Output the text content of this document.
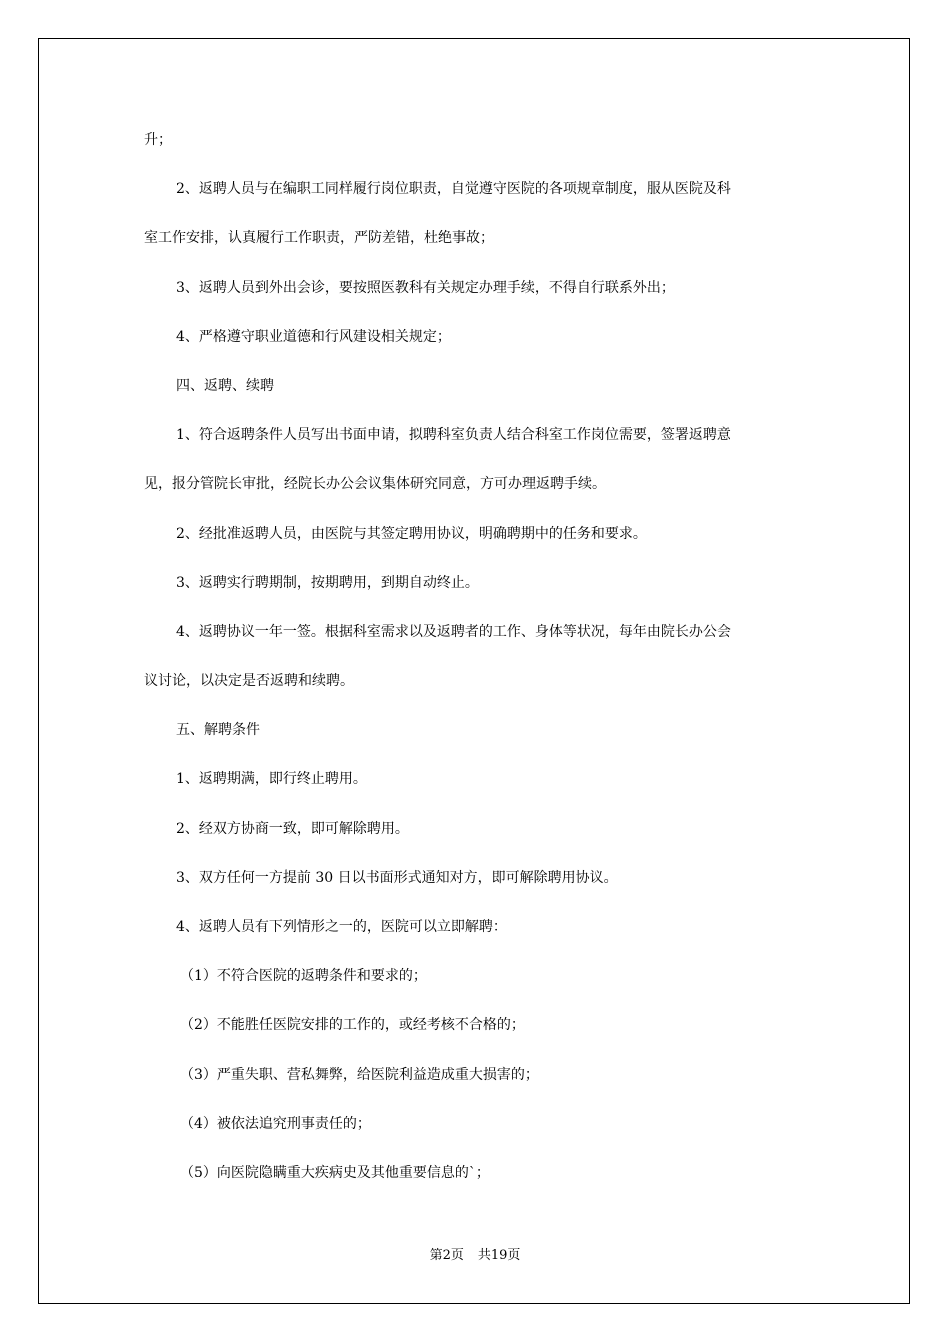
升；

2、返聘人员与在编职工同样履行岗位职责，自觉遵守医院的各项规章制度，服从医院及科

室工作安排，认真履行工作职责，严防差错，杜绝事故；

3、返聘人员到外出会诊，要按照医教科有关规定办理手续，不得自行联系外出；

4、严格遵守职业道德和行风建设相关规定；

四、返聘、续聘

1、符合返聘条件人员写出书面申请，拟聘科室负责人结合科室工作岗位需要，签署返聘意

见，报分管院长审批，经院长办公会议集体研究同意，方可办理返聘手续。

2、经批准返聘人员，由医院与其签定聘用协议，明确聘期中的任务和要求。

3、返聘实行聘期制，按期聘用，到期自动终止。

4、返聘协议一年一签。根据科室需求以及返聘者的工作、身体等状况，每年由院长办公会

议讨论，以决定是否返聘和续聘。

五、解聘条件

1、返聘期满，即行终止聘用。

2、经双方协商一致，即可解除聘用。

3、双方任何一方提前 30 日以书面形式通知对方，即可解除聘用协议。

4、返聘人员有下列情形之一的，医院可以立即解聘：

（1）不符合医院的返聘条件和要求的；

（2）不能胜任医院安排的工作的，或经考核不合格的；

（3）严重失职、营私舞弊，给医院利益造成重大损害的；

（4）被依法追究刑事责任的；

（5）向医院隐瞒重大疾病史及其他重要信息的`；

第2页 共19页
